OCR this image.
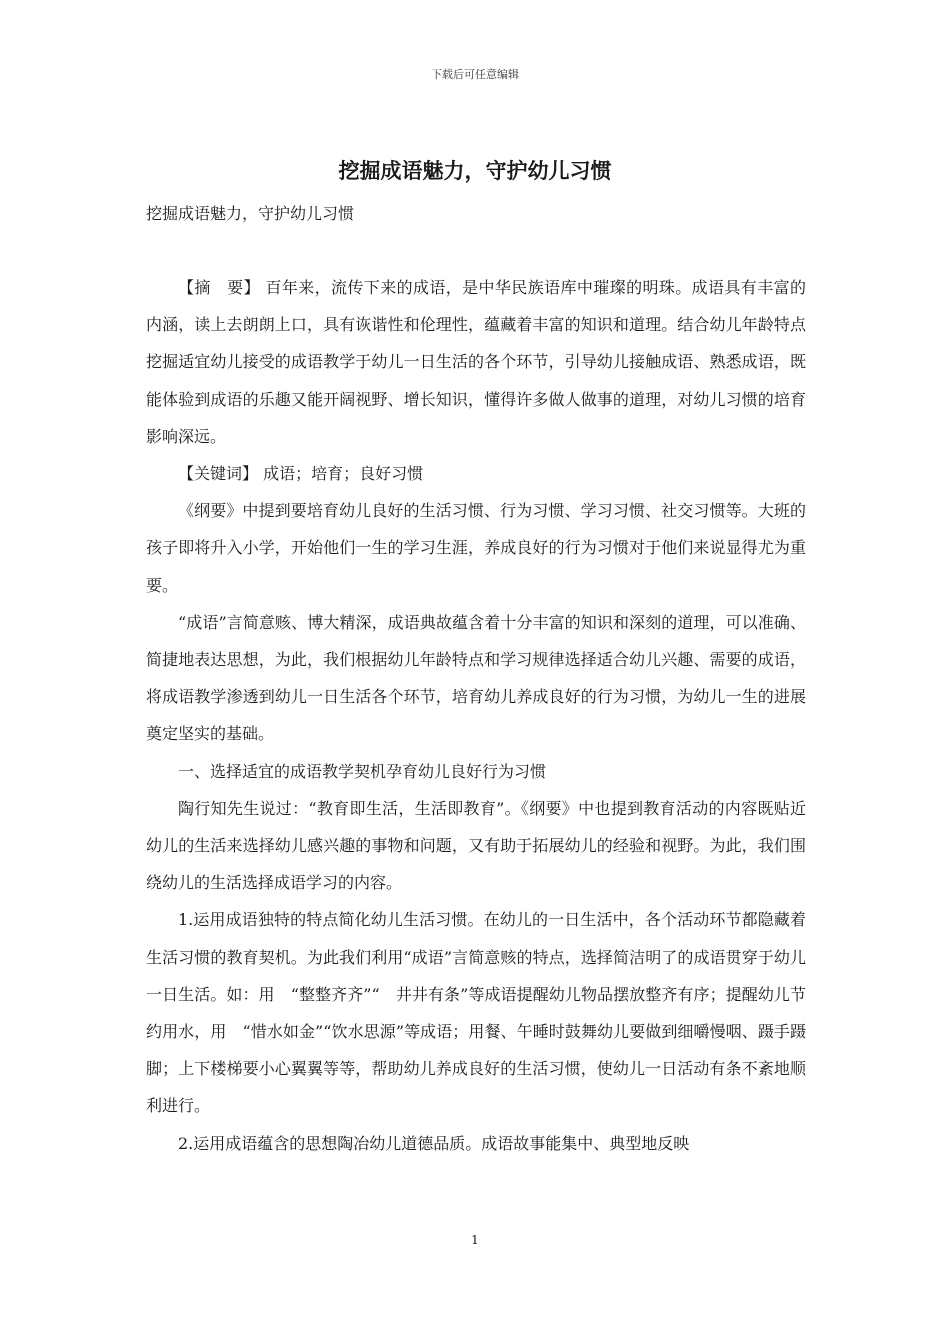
下载后可任意编辑
挖掘成语魅力，守护幼儿习惯

挖掘成语魅力，守护幼儿习惯

【摘　要】 百年来，流传下来的成语，是中华民族语库中璀璨的明珠。成语具有丰富的内涵，读上去朗朗上口，具有诙谐性和伦理性，蕴藏着丰富的知识和道理。结合幼儿年龄特点挖掘适宜幼儿接受的成语教学于幼儿一日生活的各个环节，引导幼儿接触成语、熟悉成语，既能体验到成语的乐趣又能开阔视野、增长知识，懂得许多做人做事的道理，对幼儿习惯的培育影响深远。

【关键词】 成语；培育；良好习惯

《纲要》中提到要培育幼儿良好的生活习惯、行为习惯、学习习惯、社交习惯等。大班的孩子即将升入小学，开始他们一生的学习生涯，养成良好的行为习惯对于他们来说显得尤为重要。

“成语”言简意赅、博大精深，成语典故蕴含着十分丰富的知识和深刻的道理，可以准确、简捷地表达思想，为此，我们根据幼儿年龄特点和学习规律选择适合幼儿兴趣、需要的成语，将成语教学渗透到幼儿一日生活各个环节，培育幼儿养成良好的行为习惯，为幼儿一生的进展奠定坚实的基础。

一、选择适宜的成语教学契机孕育幼儿良好行为习惯

陶行知先生说过：“教育即生活，生活即教育”。《纲要》中也提到教育活动的内容既贴近幼儿的生活来选择幼儿感兴趣的事物和问题，又有助于拓展幼儿的经验和视野。为此，我们围绕幼儿的生活选择成语学习的内容。

1.运用成语独特的特点简化幼儿生活习惯。在幼儿的一日生活中，各个活动环节都隐藏着生活习惯的教育契机。为此我们利用“成语”言简意赅的特点，选择简洁明了的成语贯穿于幼儿一日生活。如：用　“整整齐齐”“　井井有条”等成语提醒幼儿物品摆放整齐有序；提醒幼儿节约用水，用　“惜水如金”“饮水思源”等成语；用餐、午睡时鼓舞幼儿要做到细嚼慢咽、蹑手蹑脚；上下楼梯要小心翼翼等等，帮助幼儿养成良好的生活习惯，使幼儿一日活动有条不紊地顺利进行。

2.运用成语蕴含的思想陶冶幼儿道德品质。成语故事能集中、典型地反映

1
